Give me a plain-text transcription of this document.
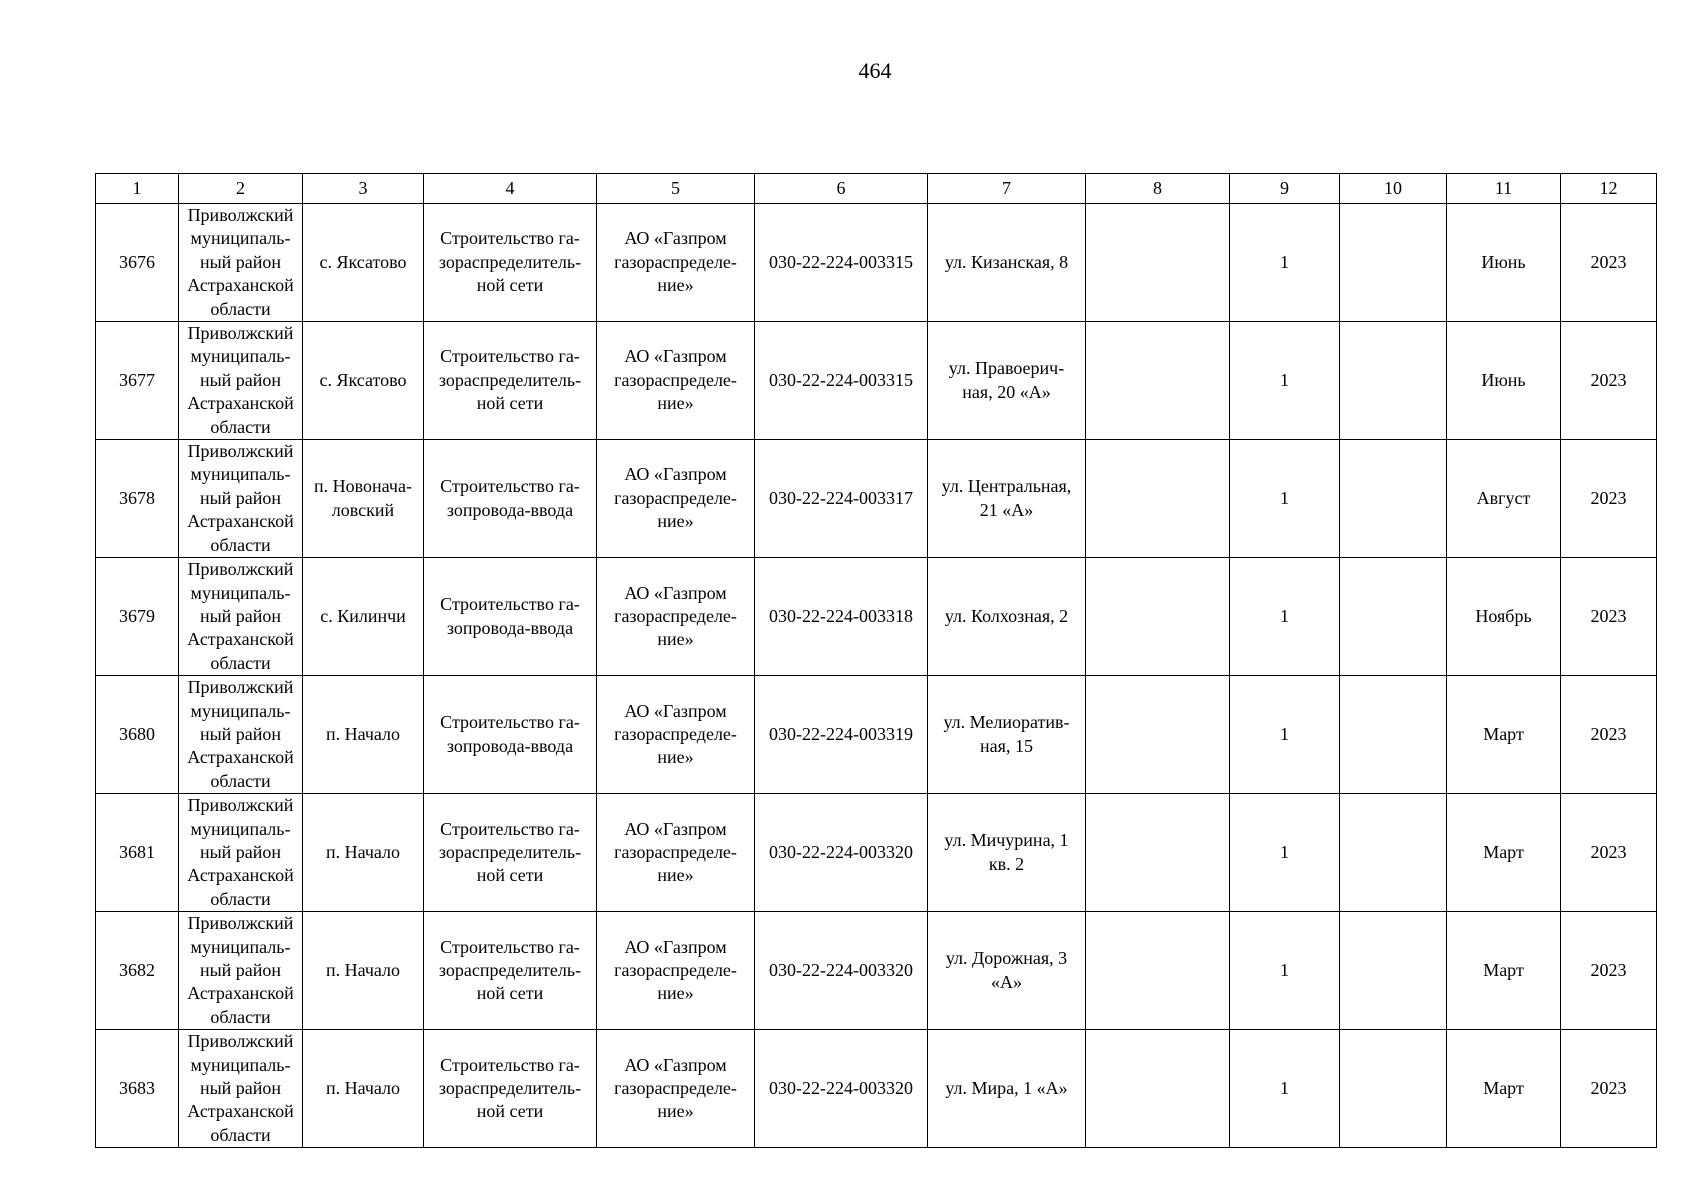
464
1	2	3	4	5	6	7	8	9	10	11	12
3676	Приволжский
муниципаль-
ный район
Астраханской
области	с. Яксатово	Строительство га-
зораспределитель-
ной сети	АО «Газпром
газораспределе-
ние»	030-22-224-003315	ул. Кизанская, 8		1		Июнь	2023
3677	Приволжский
муниципаль-
ный район
Астраханской
области	с. Яксатово	Строительство га-
зораспределитель-
ной сети	АО «Газпром
газораспределе-
ние»	030-22-224-003315	ул. Правоерич-
ная, 20 «А»		1		Июнь	2023
3678	Приволжский
муниципаль-
ный район
Астраханской
области	п. Новонача-
ловский	Строительство га-
зопровода-ввода	АО «Газпром
газораспределе-
ние»	030-22-224-003317	ул. Центральная,
21 «А»		1		Август	2023
3679	Приволжский
муниципаль-
ный район
Астраханской
области	с. Килинчи	Строительство га-
зопровода-ввода	АО «Газпром
газораспределе-
ние»	030-22-224-003318	ул. Колхозная, 2		1		Ноябрь	2023
3680	Приволжский
муниципаль-
ный район
Астраханской
области	п. Начало	Строительство га-
зопровода-ввода	АО «Газпром
газораспределе-
ние»	030-22-224-003319	ул. Мелиоратив-
ная, 15		1		Март	2023
3681	Приволжский
муниципаль-
ный район
Астраханской
области	п. Начало	Строительство га-
зораспределитель-
ной сети	АО «Газпром
газораспределе-
ние»	030-22-224-003320	ул. Мичурина, 1
кв. 2		1		Март	2023
3682	Приволжский
муниципаль-
ный район
Астраханской
области	п. Начало	Строительство га-
зораспределитель-
ной сети	АО «Газпром
газораспределе-
ние»	030-22-224-003320	ул. Дорожная, 3
«А»		1		Март	2023
3683	Приволжский
муниципаль-
ный район
Астраханской
области	п. Начало	Строительство га-
зораспределитель-
ной сети	АО «Газпром
газораспределе-
ние»	030-22-224-003320	ул. Мира, 1 «А»		1		Март	2023
